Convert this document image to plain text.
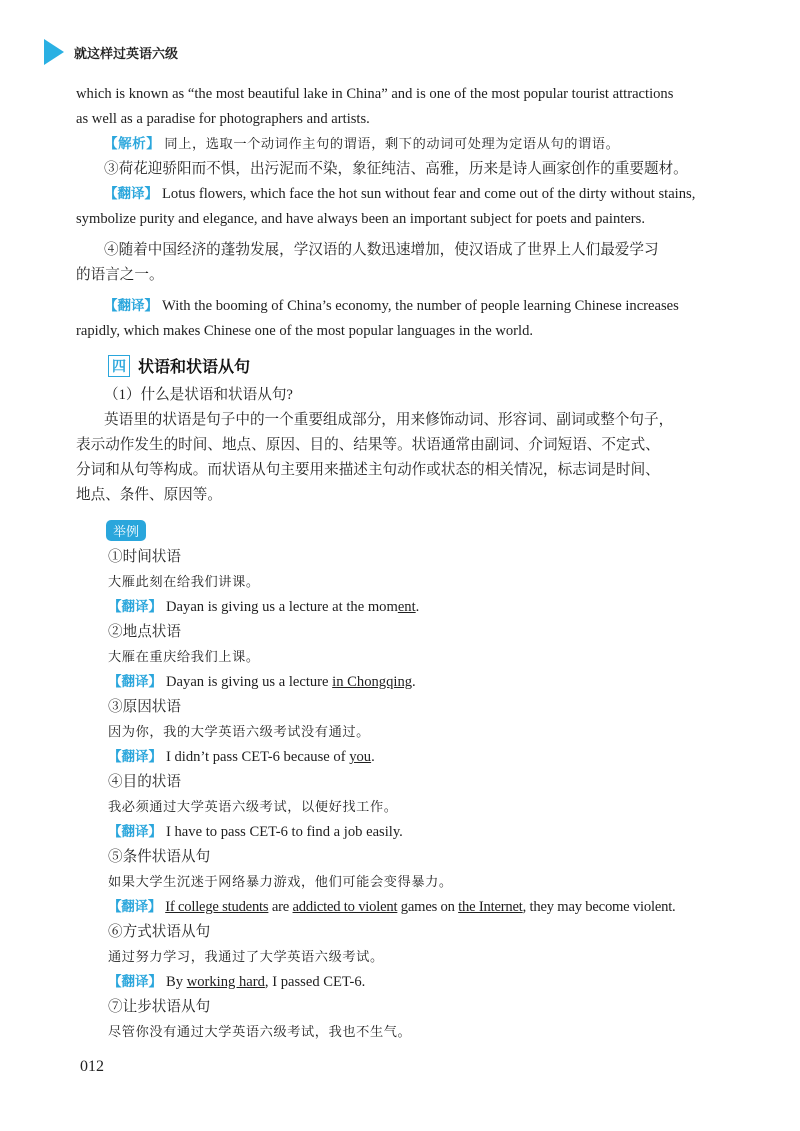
就这样过英语六级

which is known as “the most beautiful lake in China” and is one of the most popular tourist attractions

as well as a paradise for photographers and artists.

【解析】 同上，选取一个动词作主句的谓语，剩下的动词可处理为定语从句的谓语。

③荷花迎骄阳而不惧，出污泥而不染，象征纯洁、高雅，历来是诗人画家创作的重要题材。

【翻译】 Lotus flowers, which face the hot sun without fear and come out of the dirty without stains,

symbolize purity and elegance, and have always been an important subject for poets and painters.

④随着中国经济的蓬勃发展，学汉语的人数迅速增加，使汉语成了世界上人们最爱学习

的语言之一。

【翻译】 With the booming of China’s economy, the number of people learning Chinese increases

rapidly, which makes Chinese one of the most popular languages in the world.

四 状语和状语从句

（1）什么是状语和状语从句?

英语里的状语是句子中的一个重要组成部分，用来修饰动词、形容词、副词或整个句子，

表示动作发生的时间、地点、原因、目的、结果等。状语通常由副词、介词短语、不定式、

分词和从句等构成。而状语从句主要用来描述主句动作或状态的相关情况，标志词是时间、

地点、条件、原因等。

举例

①时间状语

大雁此刻在给我们讲课。

【翻译】 Dayan is giving us a lecture at the moment.

②地点状语

大雁在重庆给我们上课。

【翻译】 Dayan is giving us a lecture in Chongqing.

③原因状语

因为你，我的大学英语六级考试没有通过。

【翻译】 I didn’t pass CET-6 because of you.

④目的状语

我必须通过大学英语六级考试，以便好找工作。

【翻译】 I have to pass CET-6 to find a job easily.

⑤条件状语从句

如果大学生沉迷于网络暴力游戏，他们可能会变得暴力。

【翻译】 If college students are addicted to violent games on the Internet, they may become violent.

⑥方式状语从句

通过努力学习，我通过了大学英语六级考试。

【翻译】 By working hard, I passed CET-6.

⑦让步状语从句

尽管你没有通过大学英语六级考试，我也不生气。

012
